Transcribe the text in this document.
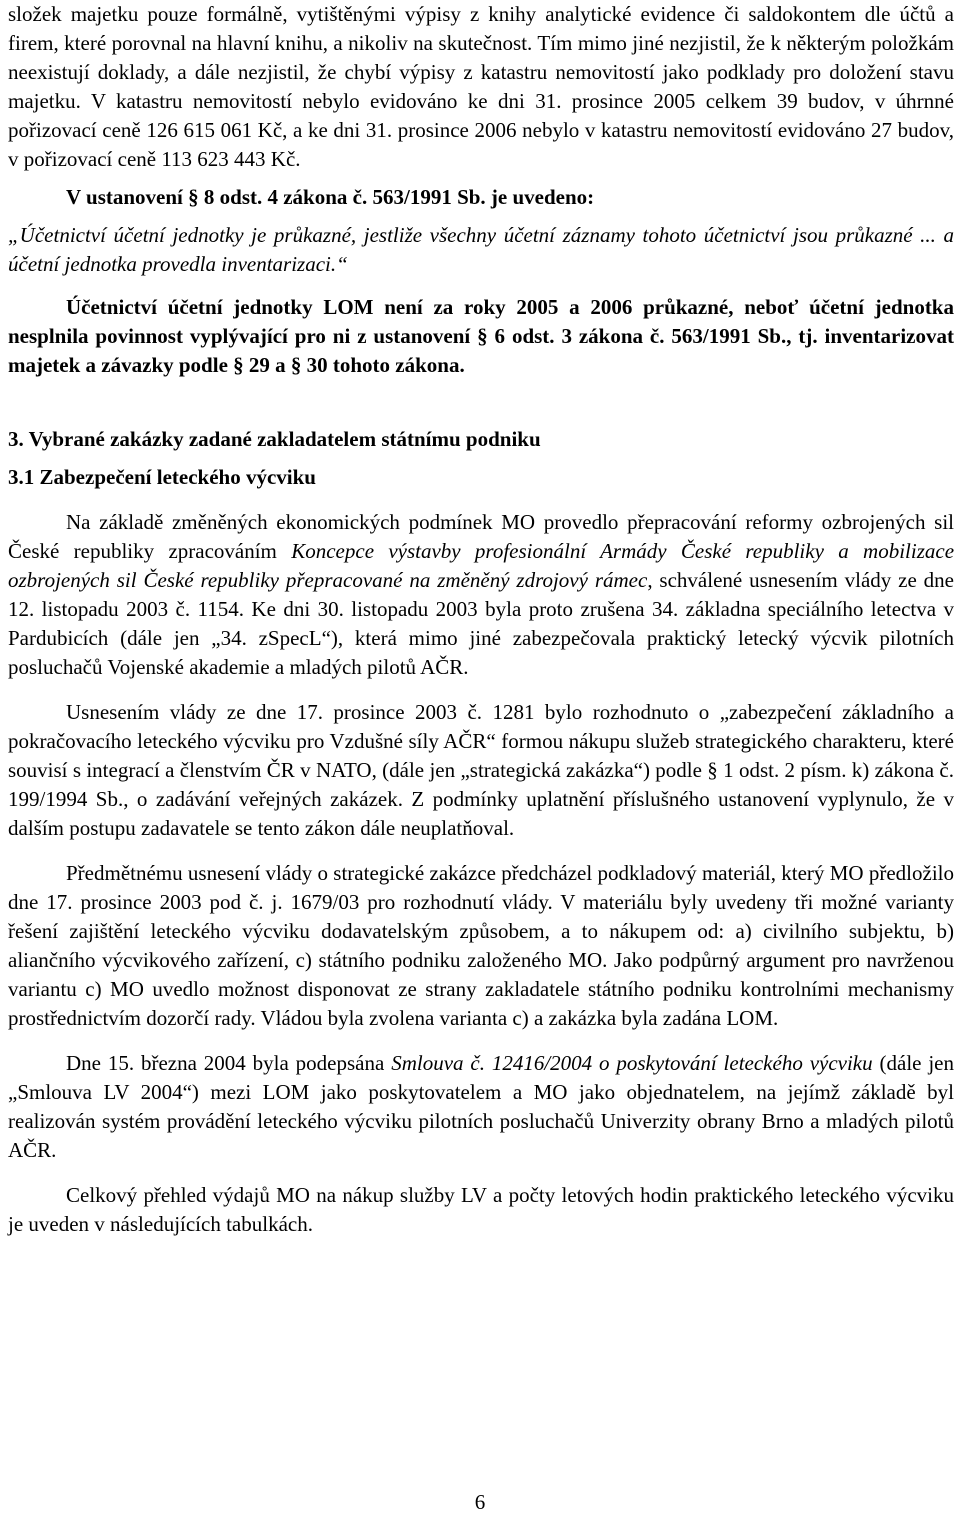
složek majetku pouze formálně, vytištěnými výpisy z knihy analytické evidence či saldokontem dle účtů a firem, které porovnal na hlavní knihu, a nikoliv na skutečnost. Tím mimo jiné nezjistil, že k některým položkám neexistují doklady, a dále nezjistil, že chybí výpisy z katastru nemovitostí jako podklady pro doložení stavu majetku. V katastru nemovitostí nebylo evidováno ke dni 31. prosince 2005 celkem 39 budov, v úhrnné pořizovací ceně 126 615 061 Kč, a ke dni 31. prosince 2006 nebylo v katastru nemovitostí evidováno 27 budov, v pořizovací ceně 113 623 443 Kč.

V ustanovení § 8 odst. 4 zákona č. 563/1991 Sb. je uvedeno:

„Účetnictví účetní jednotky je průkazné, jestliže všechny účetní záznamy tohoto účetnictví jsou průkazné ... a účetní jednotka provedla inventarizaci.“

Účetnictví účetní jednotky LOM není za roky 2005 a 2006 průkazné, neboť účetní jednotka nesplnila povinnost vyplývající pro ni z ustanovení § 6 odst. 3 zákona č. 563/1991 Sb., tj. inventarizovat majetek a závazky podle § 29 a § 30 tohoto zákona.

3. Vybrané zakázky zadané zakladatelem státnímu podniku

3.1 Zabezpečení leteckého výcviku

Na základě změněných ekonomických podmínek MO provedlo přepracování reformy ozbrojených sil České republiky zpracováním Koncepce výstavby profesionální Armády České republiky a mobilizace ozbrojených sil České republiky přepracované na změněný zdrojový rámec, schválené usnesením vlády ze dne 12. listopadu 2003 č. 1154. Ke dni 30. listopadu 2003 byla proto zrušena 34. základna speciálního letectva v Pardubicích (dále jen „34. zSpecL“), která mimo jiné zabezpečovala praktický letecký výcvik pilotních posluchačů Vojenské akademie a mladých pilotů AČR.

Usnesením vlády ze dne 17. prosince 2003 č. 1281 bylo rozhodnuto o „zabezpečení základního a pokračovacího leteckého výcviku pro Vzdušné síly AČR“ formou nákupu služeb strategického charakteru, které souvisí s integrací a členstvím ČR v NATO, (dále jen „strategická zakázka“) podle § 1 odst. 2 písm. k) zákona č. 199/1994 Sb., o zadávání veřejných zakázek. Z podmínky uplatnění příslušného ustanovení vyplynulo, že v dalším postupu zadavatele se tento zákon dále neuplatňoval.

Předmětnému usnesení vlády o strategické zakázce předcházel podkladový materiál, který MO předložilo dne 17. prosince 2003 pod č. j. 1679/03 pro rozhodnutí vlády. V materiálu byly uvedeny tři možné varianty řešení zajištění leteckého výcviku dodavatelským způsobem, a to nákupem od: a) civilního subjektu, b) aliančního výcvikového zařízení, c) státního podniku založeného MO. Jako podpůrný argument pro navrženou variantu c) MO uvedlo možnost disponovat ze strany zakladatele státního podniku kontrolními mechanismy prostřednictvím dozorčí rady. Vládou byla zvolena varianta c) a zakázka byla zadána LOM.

Dne 15. března 2004 byla podepsána Smlouva č. 12416/2004 o poskytování leteckého výcviku (dále jen „Smlouva LV 2004“) mezi LOM jako poskytovatelem a MO jako objednatelem, na jejímž základě byl realizován systém provádění leteckého výcviku pilotních posluchačů Univerzity obrany Brno a mladých pilotů AČR.

Celkový přehled výdajů MO na nákup služby LV a počty letových hodin praktického leteckého výcviku je uveden v následujících tabulkách.

6
